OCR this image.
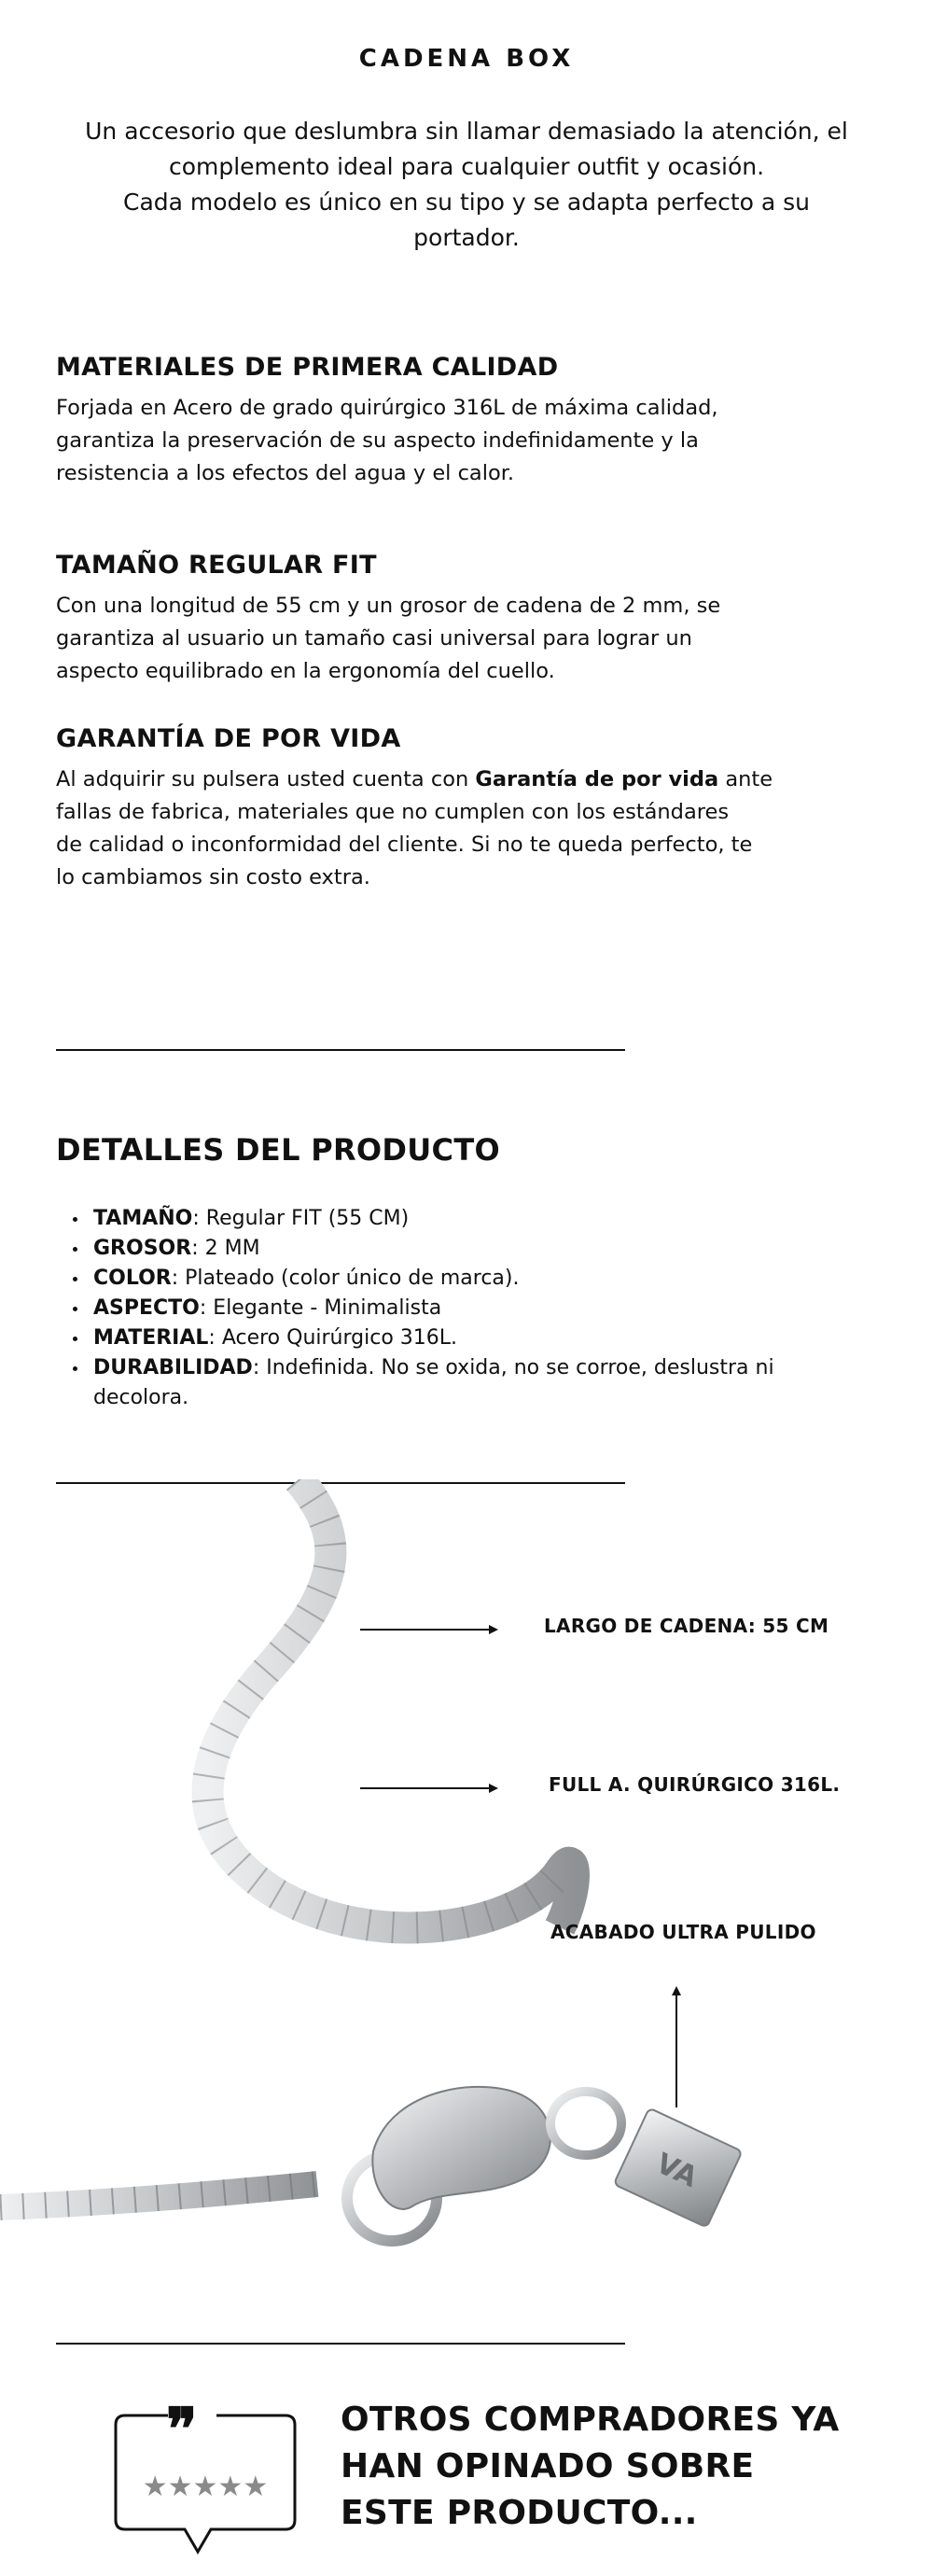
CADENA BOX
Un accesorio que deslumbra sin llamar demasiado la atención, el
complemento ideal para cualquier outfit y ocasión.
Cada modelo es único en su tipo y se adapta perfecto a su
portador.
MATERIALES DE PRIMERA CALIDAD
Forjada en Acero de grado quirúrgico 316L de máxima calidad,
garantiza la preservación de su aspecto indefinidamente y la
resistencia a los efectos del agua y el calor.
TAMAÑO REGULAR FIT
Con una longitud de 55 cm y un grosor de cadena de 2 mm, se
garantiza al usuario un tamaño casi universal para lograr un
aspecto equilibrado en la ergonomía del cuello.
GARANTÍA DE POR VIDA
Al adquirir su pulsera usted cuenta con Garantía de por vida ante
fallas de fabrica, materiales que no cumplen con los estándares
de calidad o inconformidad del cliente. Si no te queda perfecto, te
lo cambiamos sin costo extra.
DETALLES DEL PRODUCTO
TAMAÑO: Regular FIT (55 CM)
GROSOR: 2 MM
COLOR: Plateado (color único de marca).
ASPECTO: Elegante - Minimalista
MATERIAL: Acero Quirúrgico 316L.
DURABILIDAD: Indefinida. No se oxida, no se corroe, deslustra ni decolora.
VA
LARGO DE CADENA: 55 CM
FULL A. QUIRÚRGICO 316L.
ACABADO ULTRA PULIDO
❞
★★★★★
OTROS COMPRADORES YA
HAN OPINADO SOBRE
ESTE PRODUCTO...
